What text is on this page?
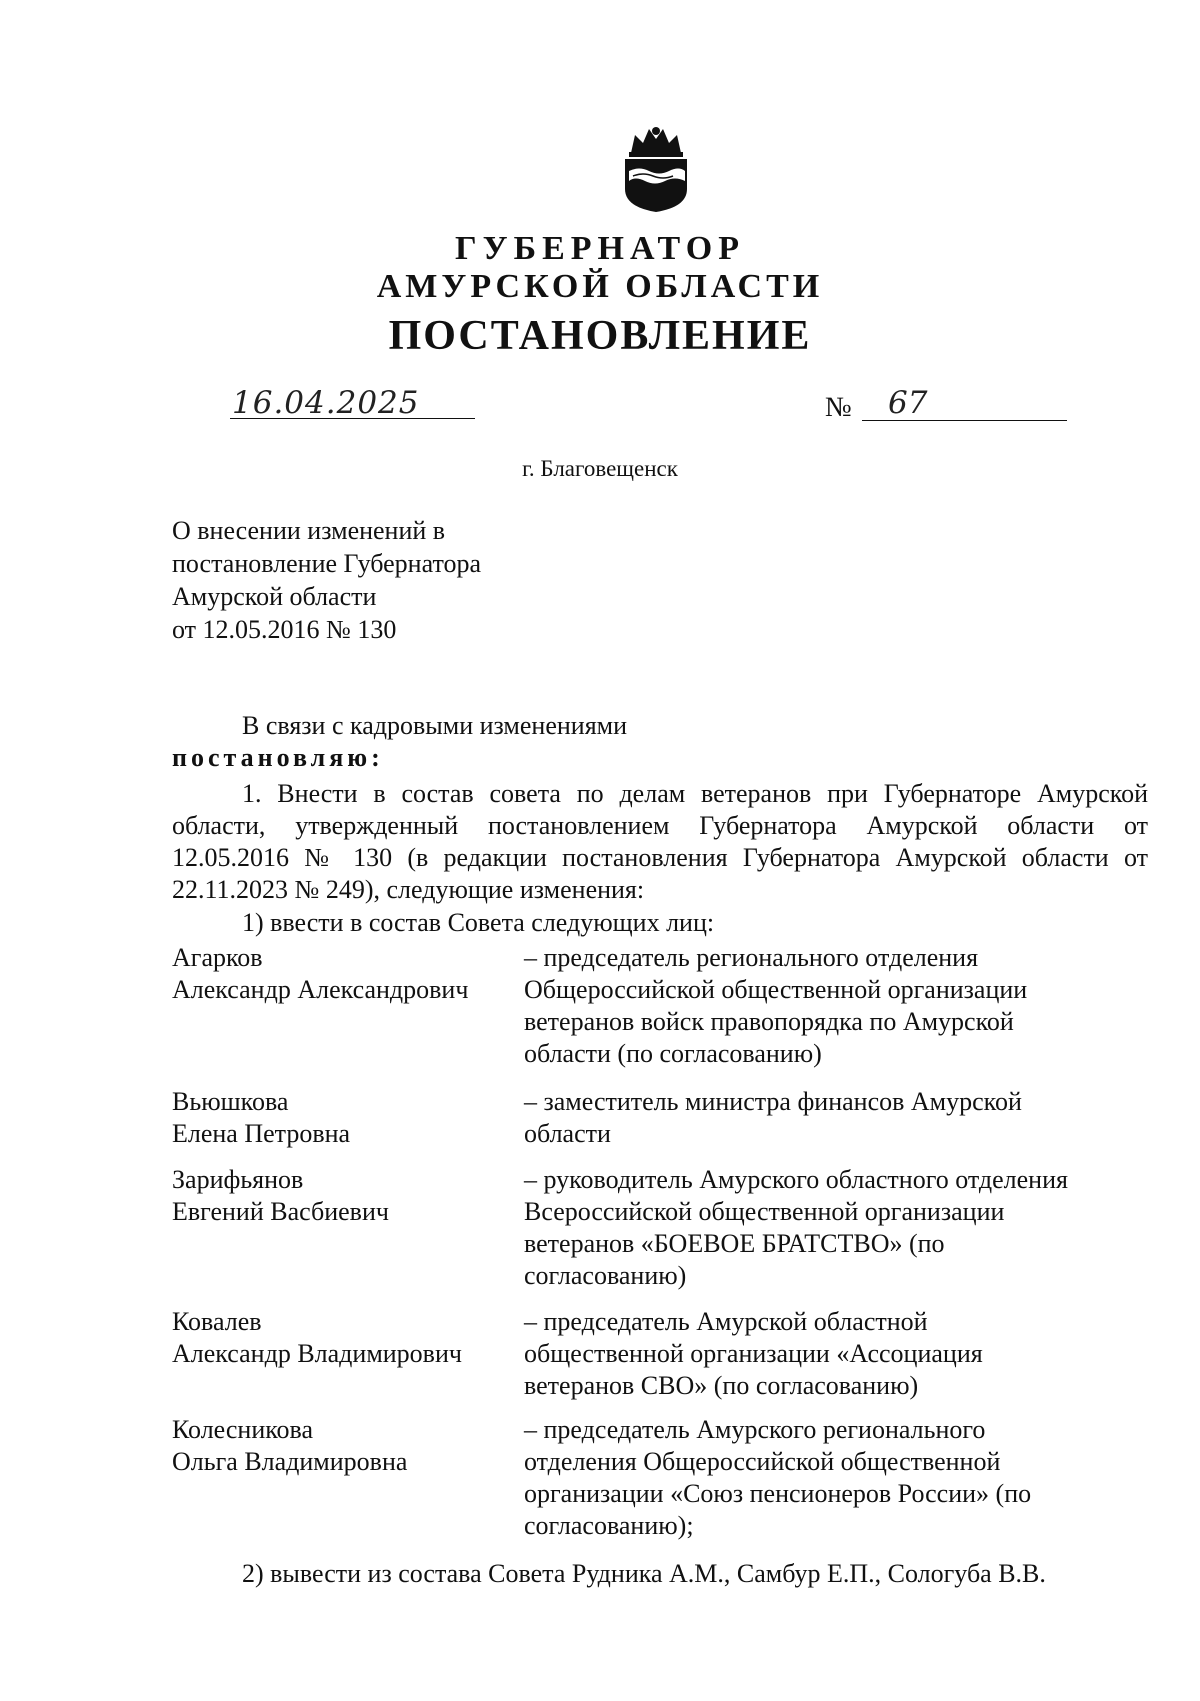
ГУБЕРНАТОР
АМУРСКОЙ ОБЛАСТИ
ПОСТАНОВЛЕНИЕ
16.04.2025	№ 67
г. Благовещенск
О внесении изменений в
постановление Губернатора
Амурской области
от 12.05.2016 № 130
В связи с кадровыми изменениями
постановляю:
1. Внести в состав совета по делам ветеранов при Губернаторе Амурской
области, утвержденный постановлением Губернатора Амурской области от
12.05.2016 № 130 (в редакции постановления Губернатора Амурской области от
22.11.2023 № 249), следующие изменения:
1) ввести в состав Совета следующих лиц:
Агарков
Александр Александрович
– председатель регионального отделения
Общероссийской общественной организации
ветеранов войск правопорядка по Амурской
области (по согласованию)
Вьюшкова
Елена Петровна
– заместитель министра финансов Амурской
области
Зарифьянов
Евгений Васбиевич
– руководитель Амурского областного отделения
Всероссийской общественной организации
ветеранов «БОЕВОЕ БРАТСТВО» (по
согласованию)
Ковалев
Александр Владимирович
– председатель Амурской областной
общественной организации «Ассоциация
ветеранов СВО» (по согласованию)
Колесникова
Ольга Владимировна
– председатель Амурского регионального
отделения Общероссийской общественной
организации «Союз пенсионеров России» (по
согласованию);
2) вывести из состава Совета Рудника А.М., Самбур Е.П., Сологуба В.В.
